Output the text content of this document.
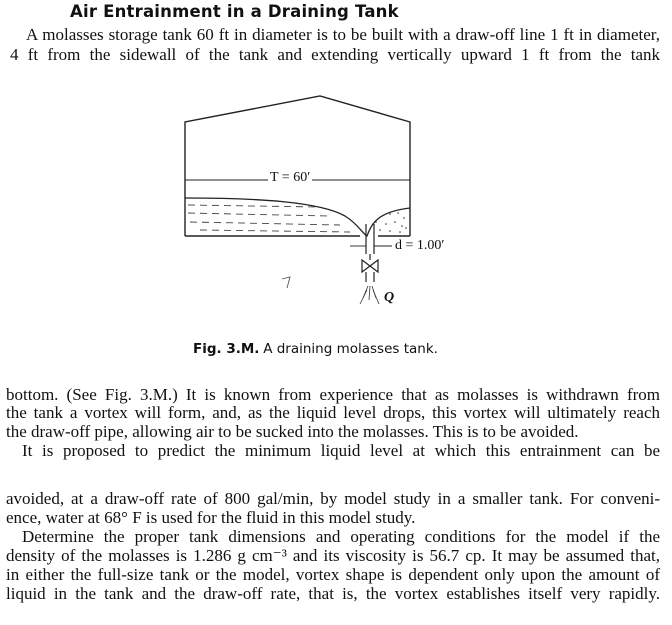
Air Entrainment in a Draining Tank
A molasses storage tank 60 ft in diameter is to be built with a draw-off line 1 ft in diameter,
4 ft from the sidewall of the tank and extending vertically upward 1 ft from the tank
T = 60′
d = 1.00′
Q
Fig. 3.M. A draining molasses tank.
bottom. (See Fig. 3.M.) It is known from experience that as molasses is withdrawn from
the tank a vortex will form, and, as the liquid level drops, this vortex will ultimately reach
the draw-off pipe, allowing air to be sucked into the molasses. This is to be avoided.
It is proposed to predict the minimum liquid level at which this entrainment can be
avoided, at a draw-off rate of 800 gal/min, by model study in a smaller tank. For conveni-
ence, water at 68° F is used for the fluid in this model study.
Determine the proper tank dimensions and operating conditions for the model if the
density of the molasses is 1.286 g cm⁻³ and its viscosity is 56.7 cp. It may be assumed that,
in either the full-size tank or the model, vortex shape is dependent only upon the amount of
liquid in the tank and the draw-off rate, that is, the vortex establishes itself very rapidly.
